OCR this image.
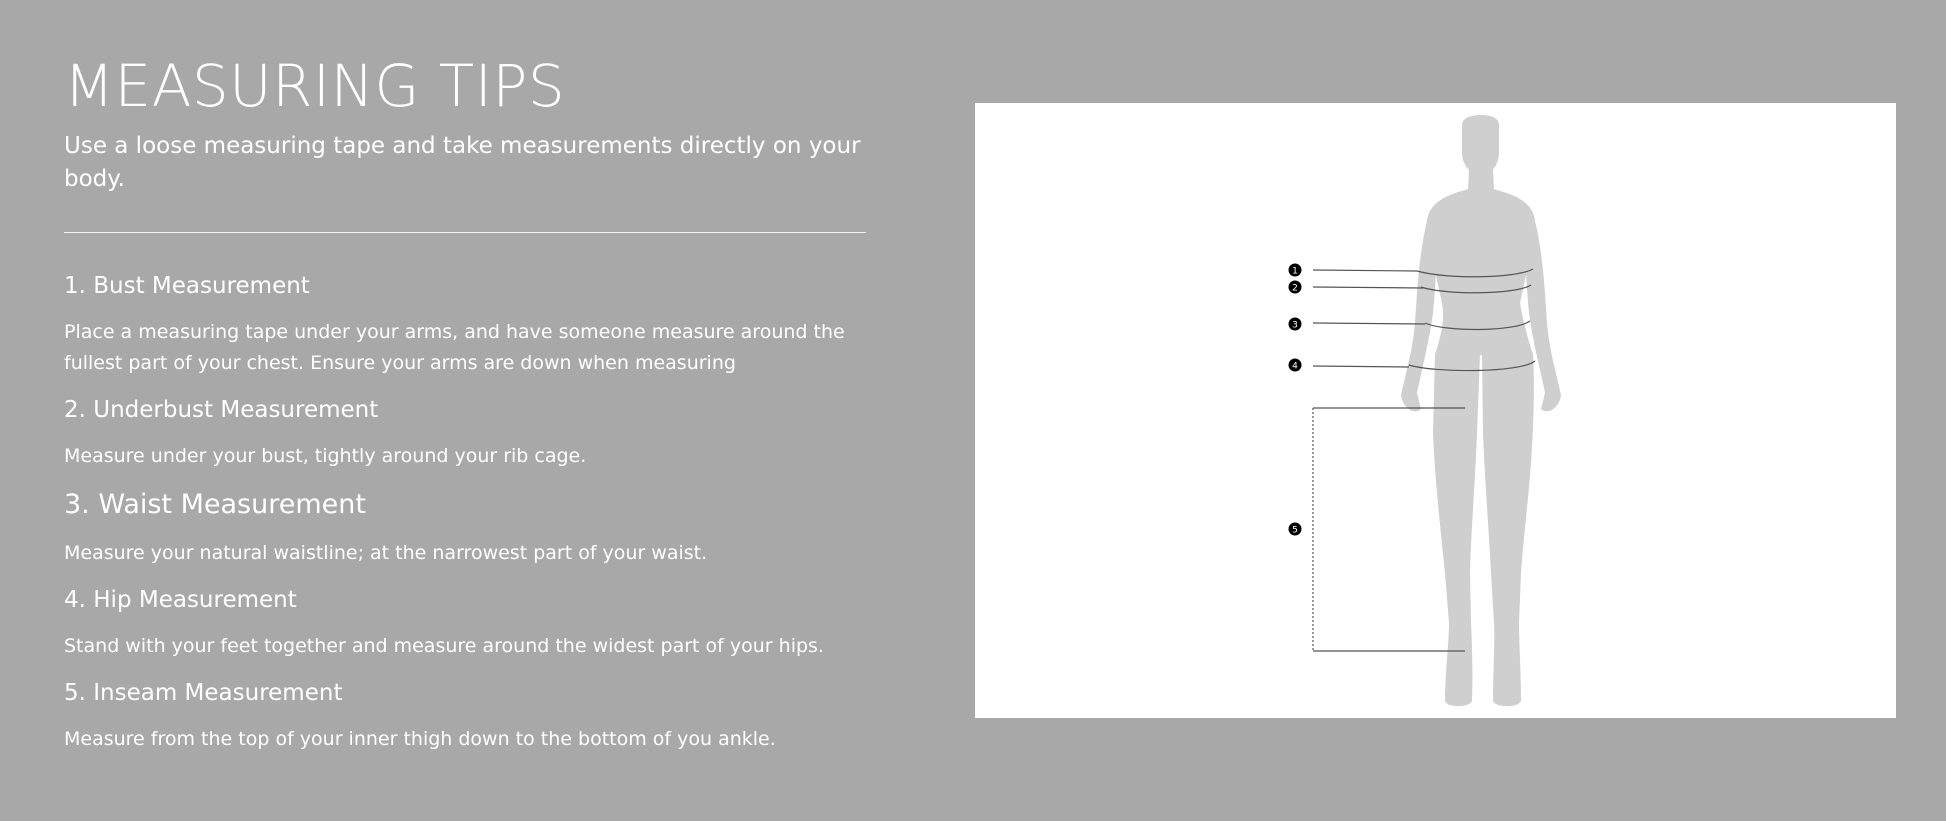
MEASURING TIPS

Use a loose measuring tape and take measurements directly on your body.

1. Bust Measurement

Place a measuring tape under your arms, and have someone measure around the fullest part of your chest. Ensure your arms are down when measuring

2. Underbust Measurement

Measure under your bust, tightly around your rib cage.

3. Waist Measurement

Measure your natural waistline; at the narrowest part of your waist.

4. Hip Measurement

Stand with your feet together and measure around the widest part of your hips.

5. Inseam Measurement

Measure from the top of your inner thigh down to the bottom of you ankle.

1
2
3
4
5
